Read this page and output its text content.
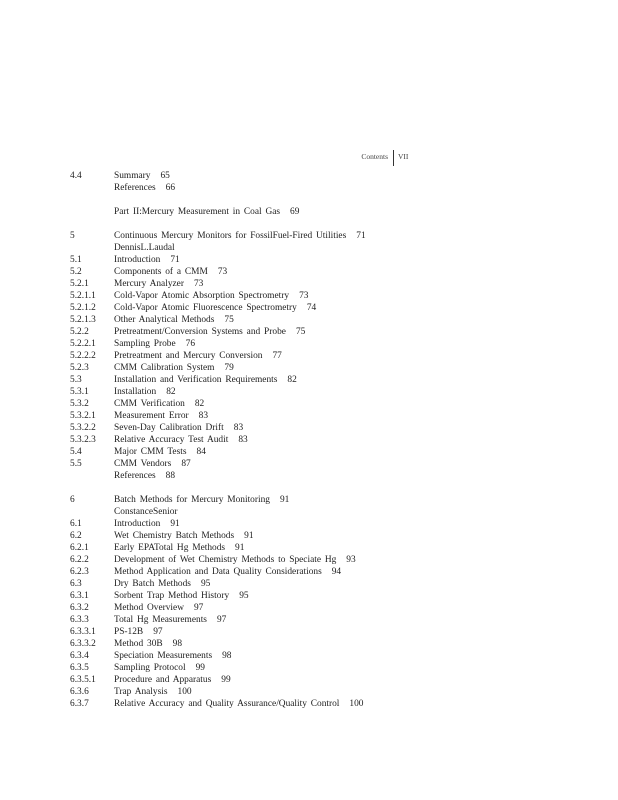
Contents VII
4.4	Summary 65
References 66
Part II:Mercury Measurement in Coal Gas 69
5	Continuous Mercury Monitors for FossilFuel-Fired Utilities 71
DennisL.Laudal
5.1	Introduction 71
5.2	Components of a CMM 73
5.2.1	Mercury Analyzer 73
5.2.1.1	Cold-Vapor Atomic Absorption Spectrometry 73
5.2.1.2	Cold-Vapor Atomic Fluorescence Spectrometry 74
5.2.1.3	Other Analytical Methods 75
5.2.2	Pretreatment/Conversion Systems and Probe 75
5.2.2.1	Sampling Probe 76
5.2.2.2	Pretreatment and Mercury Conversion 77
5.2.3	CMM Calibration System 79
5.3	Installation and Verification Requirements 82
5.3.1	Installation 82
5.3.2	CMM Verification 82
5.3.2.1	Measurement Error 83
5.3.2.2	Seven-Day Calibration Drift 83
5.3.2.3	Relative Accuracy Test Audit 83
5.4	Major CMM Tests 84
5.5	CMM Vendors 87
References 88
6	Batch Methods for Mercury Monitoring 91
ConstanceSenior
6.1	Introduction 91
6.2	Wet Chemistry Batch Methods 91
6.2.1	Early EPATotal Hg Methods 91
6.2.2	Development of Wet Chemistry Methods to Speciate Hg 93
6.2.3	Method Application and Data Quality Considerations 94
6.3	Dry Batch Methods 95
6.3.1	Sorbent Trap Method History 95
6.3.2	Method Overview 97
6.3.3	Total Hg Measurements 97
6.3.3.1	PS-12B 97
6.3.3.2	Method 30B 98
6.3.4	Speciation Measurements 98
6.3.5	Sampling Protocol 99
6.3.5.1	Procedure and Apparatus 99
6.3.6	Trap Analysis 100
6.3.7	Relative Accuracy and Quality Assurance/Quality Control 100
